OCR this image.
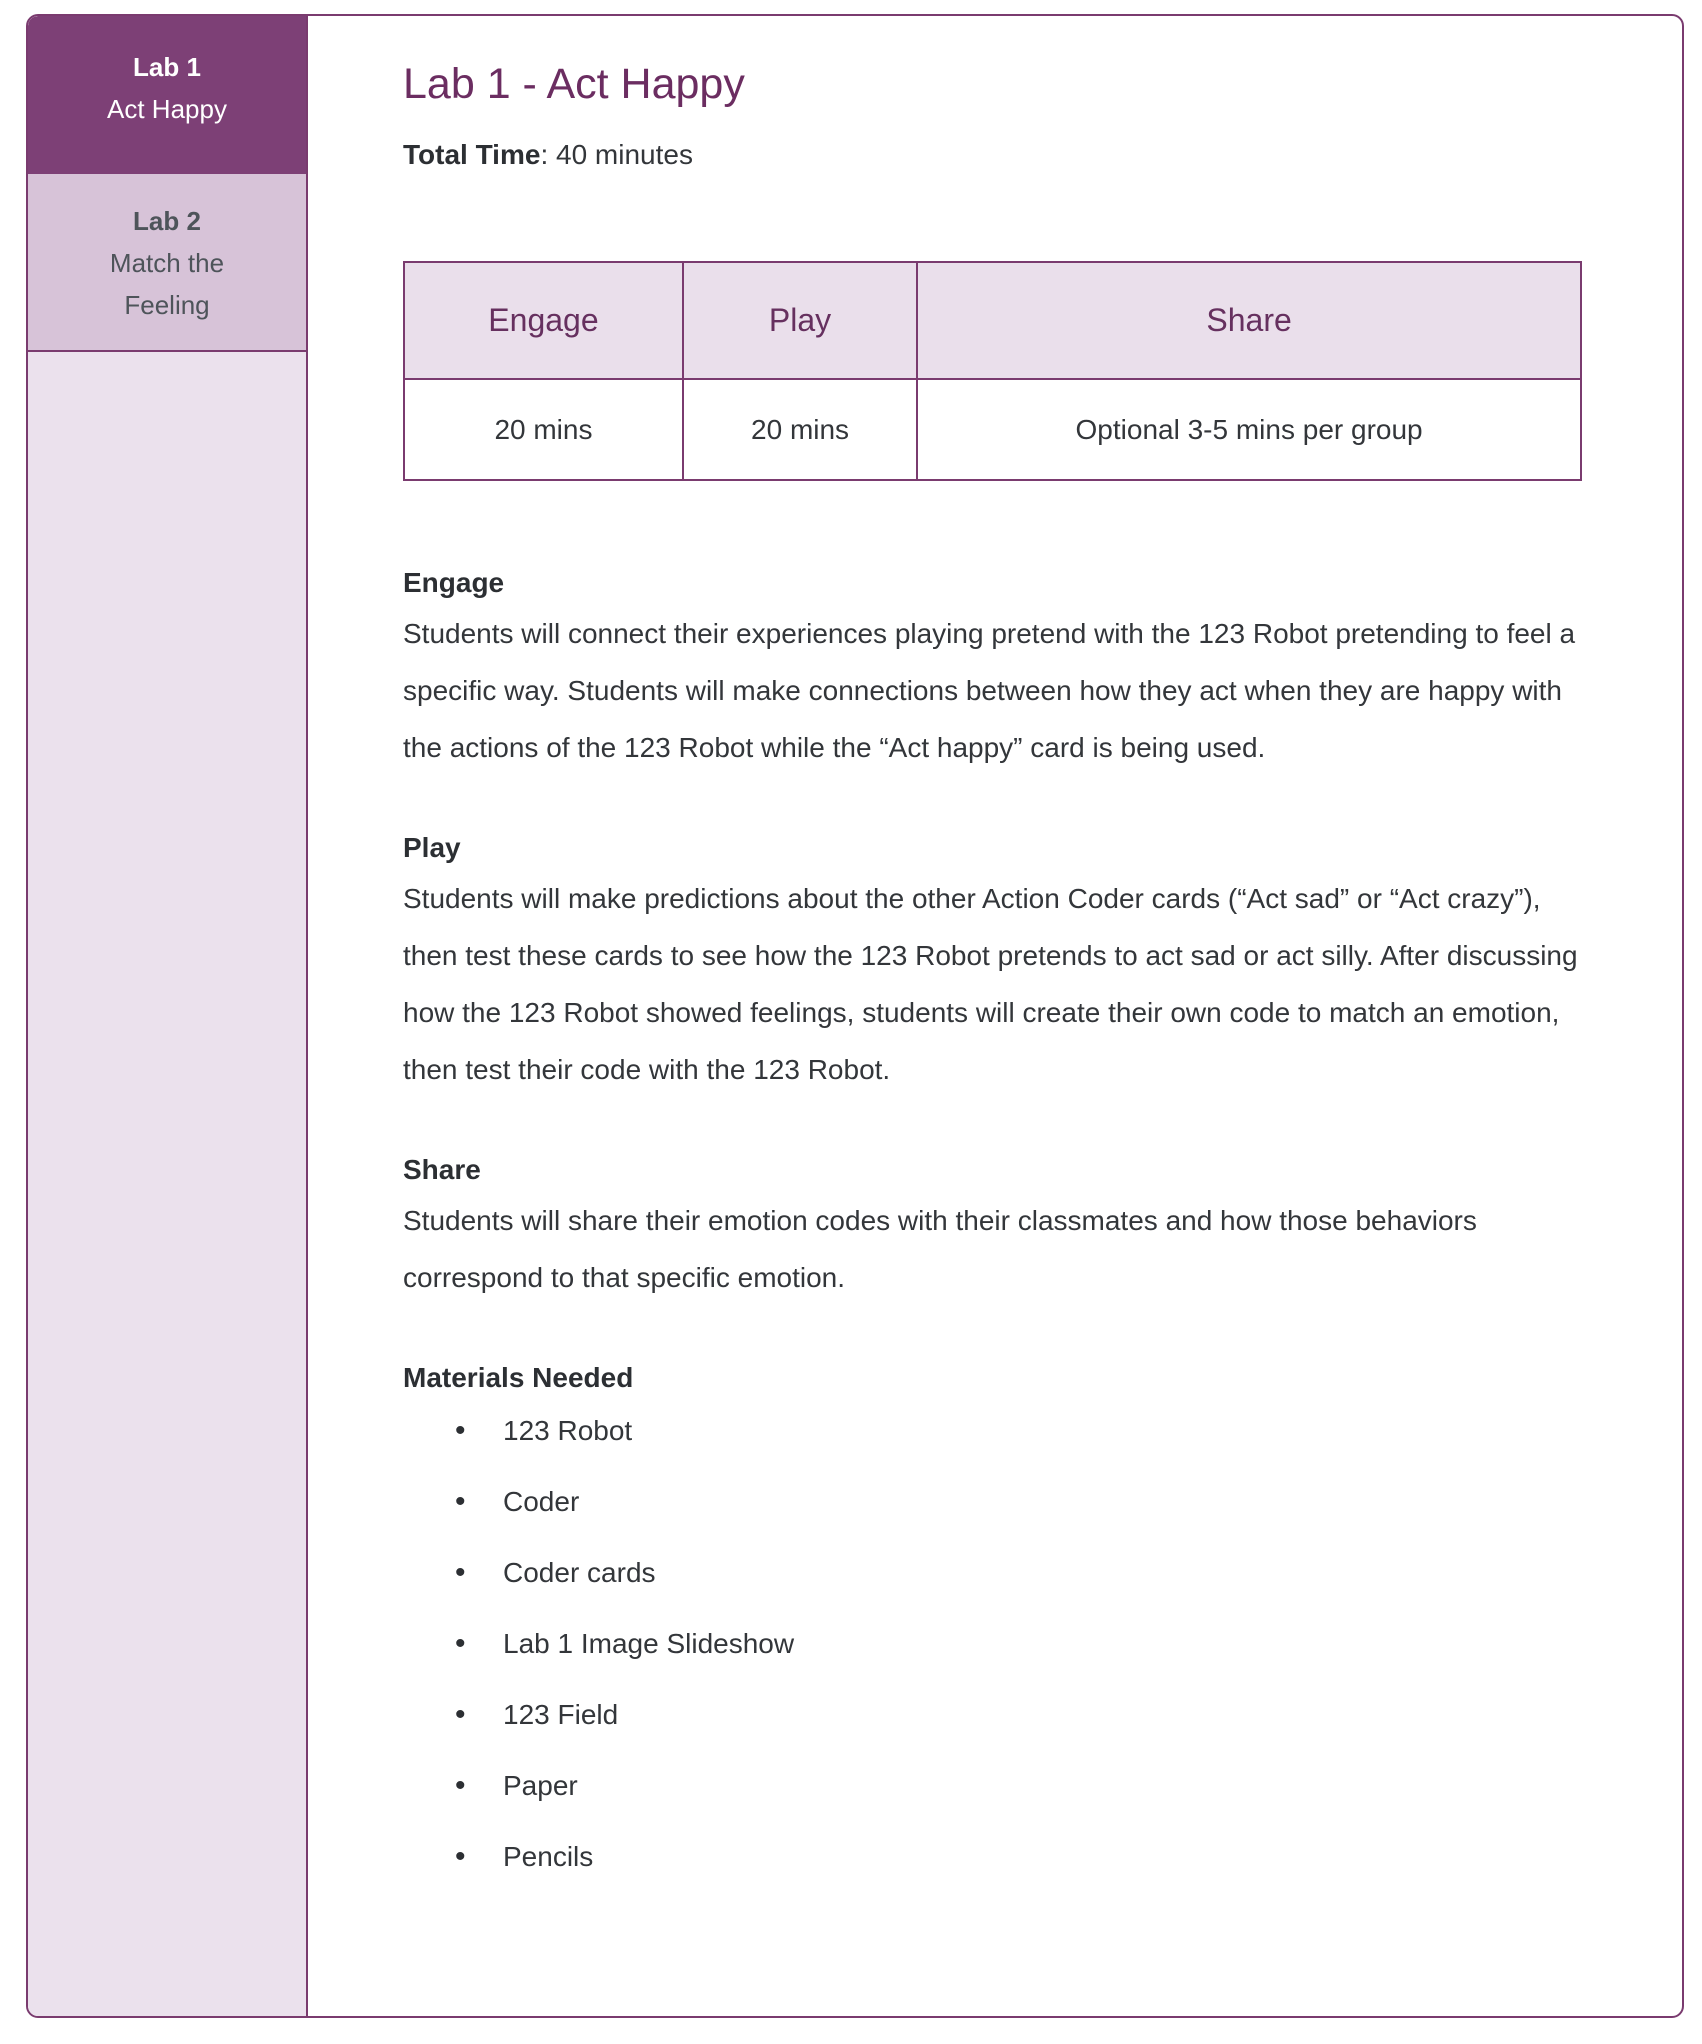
Lab 1
Act Happy
Lab 2
Match the Feeling
Lab 1 - Act Happy
Total Time: 40 minutes
Engage	Play	Share
20 mins	20 mins	Optional 3-5 mins per group
Engage

Students will connect their experiences playing pretend with the 123 Robot pretending to feel a specific way. Students will make connections between how they act when they are happy with the actions of the 123 Robot while the “Act happy” card is being used.

Play

Students will make predictions about the other Action Coder cards (“Act sad” or “Act crazy”), then test these cards to see how the 123 Robot pretends to act sad or act silly. After discussing how the 123 Robot showed feelings, students will create their own code to match an emotion, then test their code with the 123 Robot.

Share

Students will share their emotion codes with their classmates and how those behaviors correspond to that specific emotion.

Materials Needed
• 123 Robot
• Coder
• Coder cards
• Lab 1 Image Slideshow
• 123 Field
• Paper
• Pencils
